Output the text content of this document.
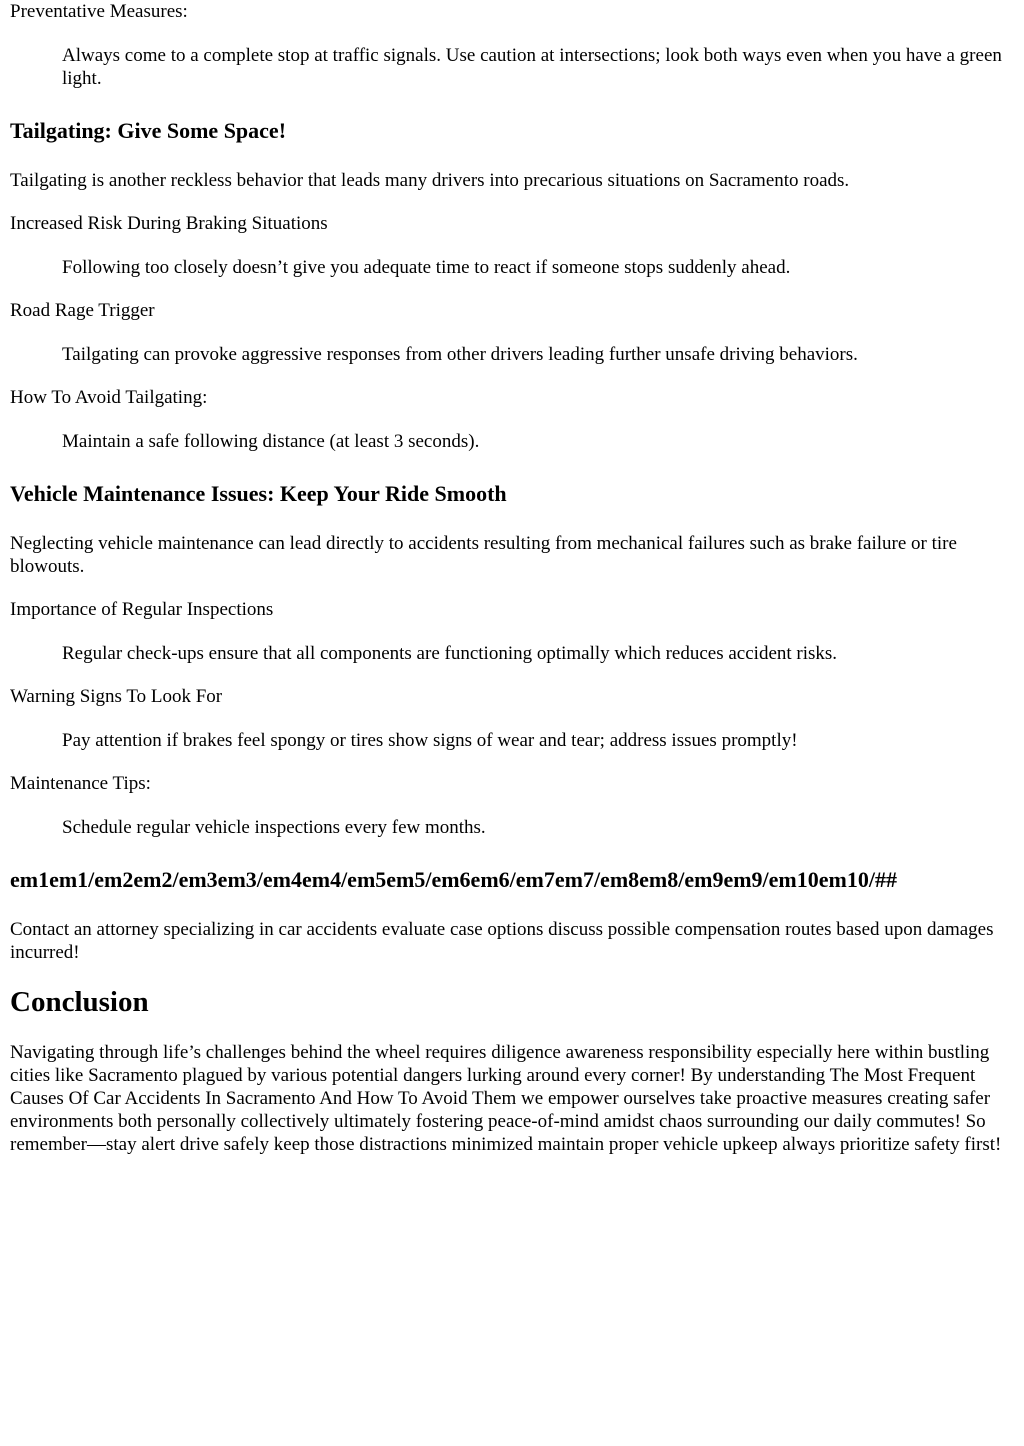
Preventative Measures:
Always come to a complete stop at traffic signals. Use caution at intersections; look both ways even when you have a green light.
Tailgating: Give Some Space!

Tailgating is another reckless behavior that leads many drivers into precarious situations on Sacramento roads.

Increased Risk During Braking Situations
Following too closely doesn’t give you adequate time to react if someone stops suddenly ahead.
Road Rage Trigger
Tailgating can provoke aggressive responses from other drivers leading further unsafe driving behaviors.
How To Avoid Tailgating:
Maintain a safe following distance (at least 3 seconds).
Vehicle Maintenance Issues: Keep Your Ride Smooth

Neglecting vehicle maintenance can lead directly to accidents resulting from mechanical failures such as brake failure or tire blowouts.

Importance of Regular Inspections
Regular check-ups ensure that all components are functioning optimally which reduces accident risks.
Warning Signs To Look For
Pay attention if brakes feel spongy or tires show signs of wear and tear; address issues promptly!
Maintenance Tips:
Schedule regular vehicle inspections every few months.
em1em1/em2em2/em3em3/em4em4/em5em5/em6em6/em7em7/em8em8/em9em9/em10em10/##

Contact an attorney specializing in car accidents evaluate case options discuss possible compensation routes based upon damages incurred!

Conclusion

Navigating through life’s challenges behind the wheel requires diligence awareness responsibility especially here within bustling cities like Sacramento plagued by various potential dangers lurking around every corner! By understanding The Most Frequent Causes Of Car Accidents In Sacramento And How To Avoid Them we empower ourselves take proactive measures creating safer environments both personally collectively ultimately fostering peace-of-mind amidst chaos surrounding our daily commutes! So remember—stay alert drive safely keep those distractions minimized maintain proper vehicle upkeep always prioritize safety first!
